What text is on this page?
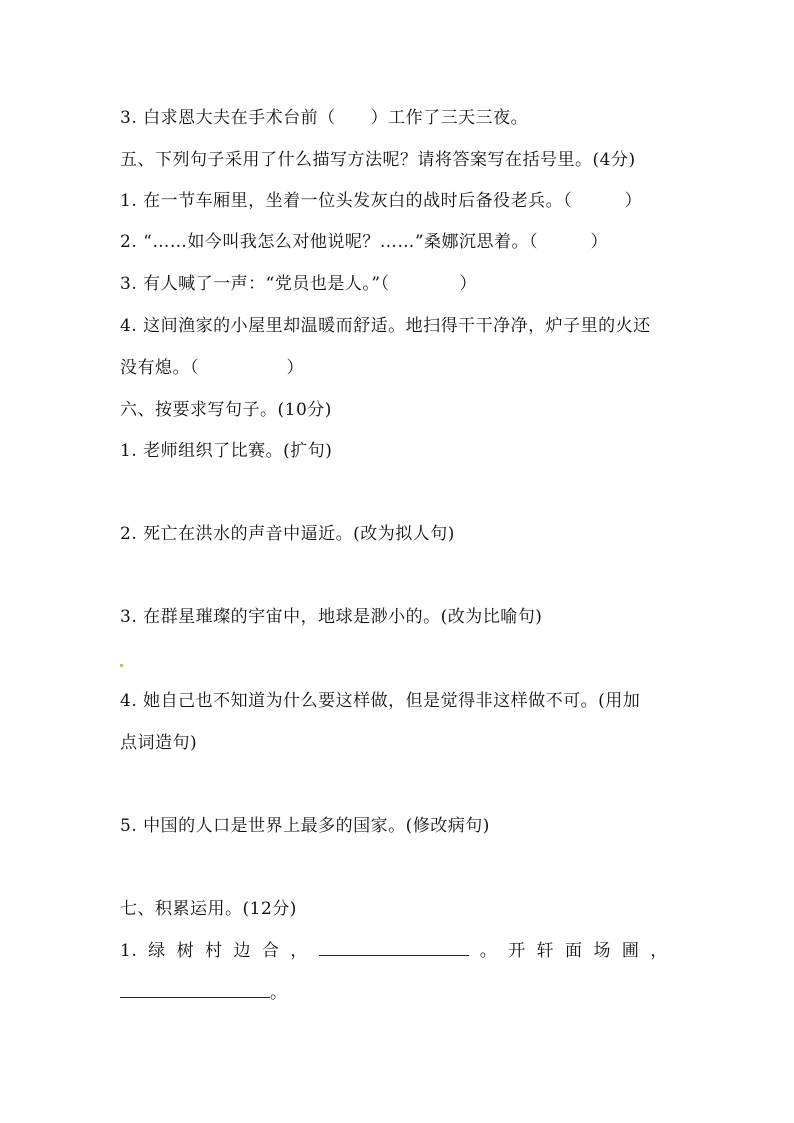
3. 白求恩大夫在手术台前（　　）工作了三天三夜。
五、下列句子采用了什么描写方法呢？请将答案写在括号里。(4分)
1. 在一节车厢里，坐着一位头发灰白的战时后备役老兵。（　　　）
2. “……如今叫我怎么对他说呢？……”桑娜沉思着。（　　　）
3. 有人喊了一声：“党员也是人。”（　　　　）
4. 这间渔家的小屋里却温暖而舒适。地扫得干干净净，炉子里的火还
没有熄。（　　　　　）
六、按要求写句子。(10分)
1. 老师组织了比赛。(扩句)
2. 死亡在洪水的声音中逼近。(改为拟人句)
3. 在群星璀璨的宇宙中，地球是渺小的。(改为比喻句)
4. 她自己也不知道为什么要这样做，但是觉得非这样做不可。(用加
点词造句)
5. 中国的人口是世界上最多的国家。(修改病句)
七、积累运用。(12分)
1. 绿 树 村 边 合 ，	。 开 轩 面 场 圃 ，
。
